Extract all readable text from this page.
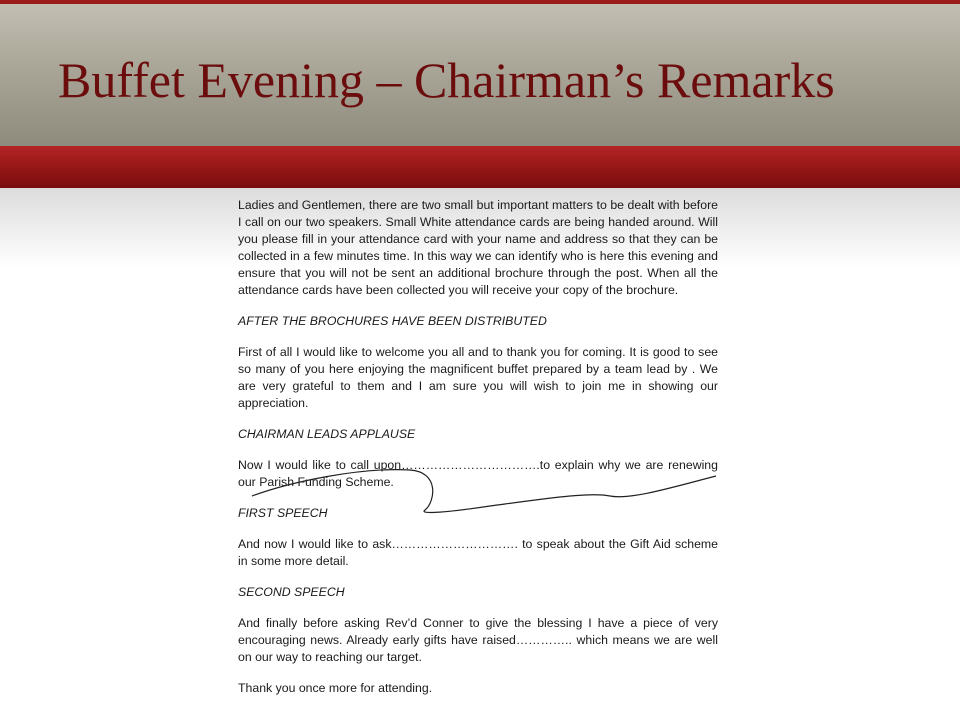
Buffet Evening – Chairman’s Remarks

Ladies and Gentlemen, there are two small but important matters to be dealt with before I call on our two speakers. Small White attendance cards are being handed around. Will you please fill in your attendance card with your name and address so that they can be collected in a few minutes time. In this way we can identify who is here this evening and ensure that you will not be sent an additional brochure through the post. When all the attendance cards have been collected you will receive your copy of the brochure.

AFTER THE BROCHURES HAVE BEEN DISTRIBUTED

First of all I would like to welcome you all and to thank you for coming. It is good to see so many of you here enjoying the magnificent buffet prepared by a team lead by . We are very grateful to them and I am sure you will wish to join me in showing our appreciation.

CHAIRMAN LEADS APPLAUSE

Now I would like to call upon…………………………….to explain why we are renewing our Parish Funding Scheme.

FIRST SPEECH

And now I would like to ask…………………………. to speak about the Gift Aid scheme in some more detail.

SECOND SPEECH

And finally before asking Rev’d Conner to give the blessing I have a piece of very encouraging news. Already early gifts have raised………….. which means we are well on our way to reaching our target.

Thank you once more for attending.
